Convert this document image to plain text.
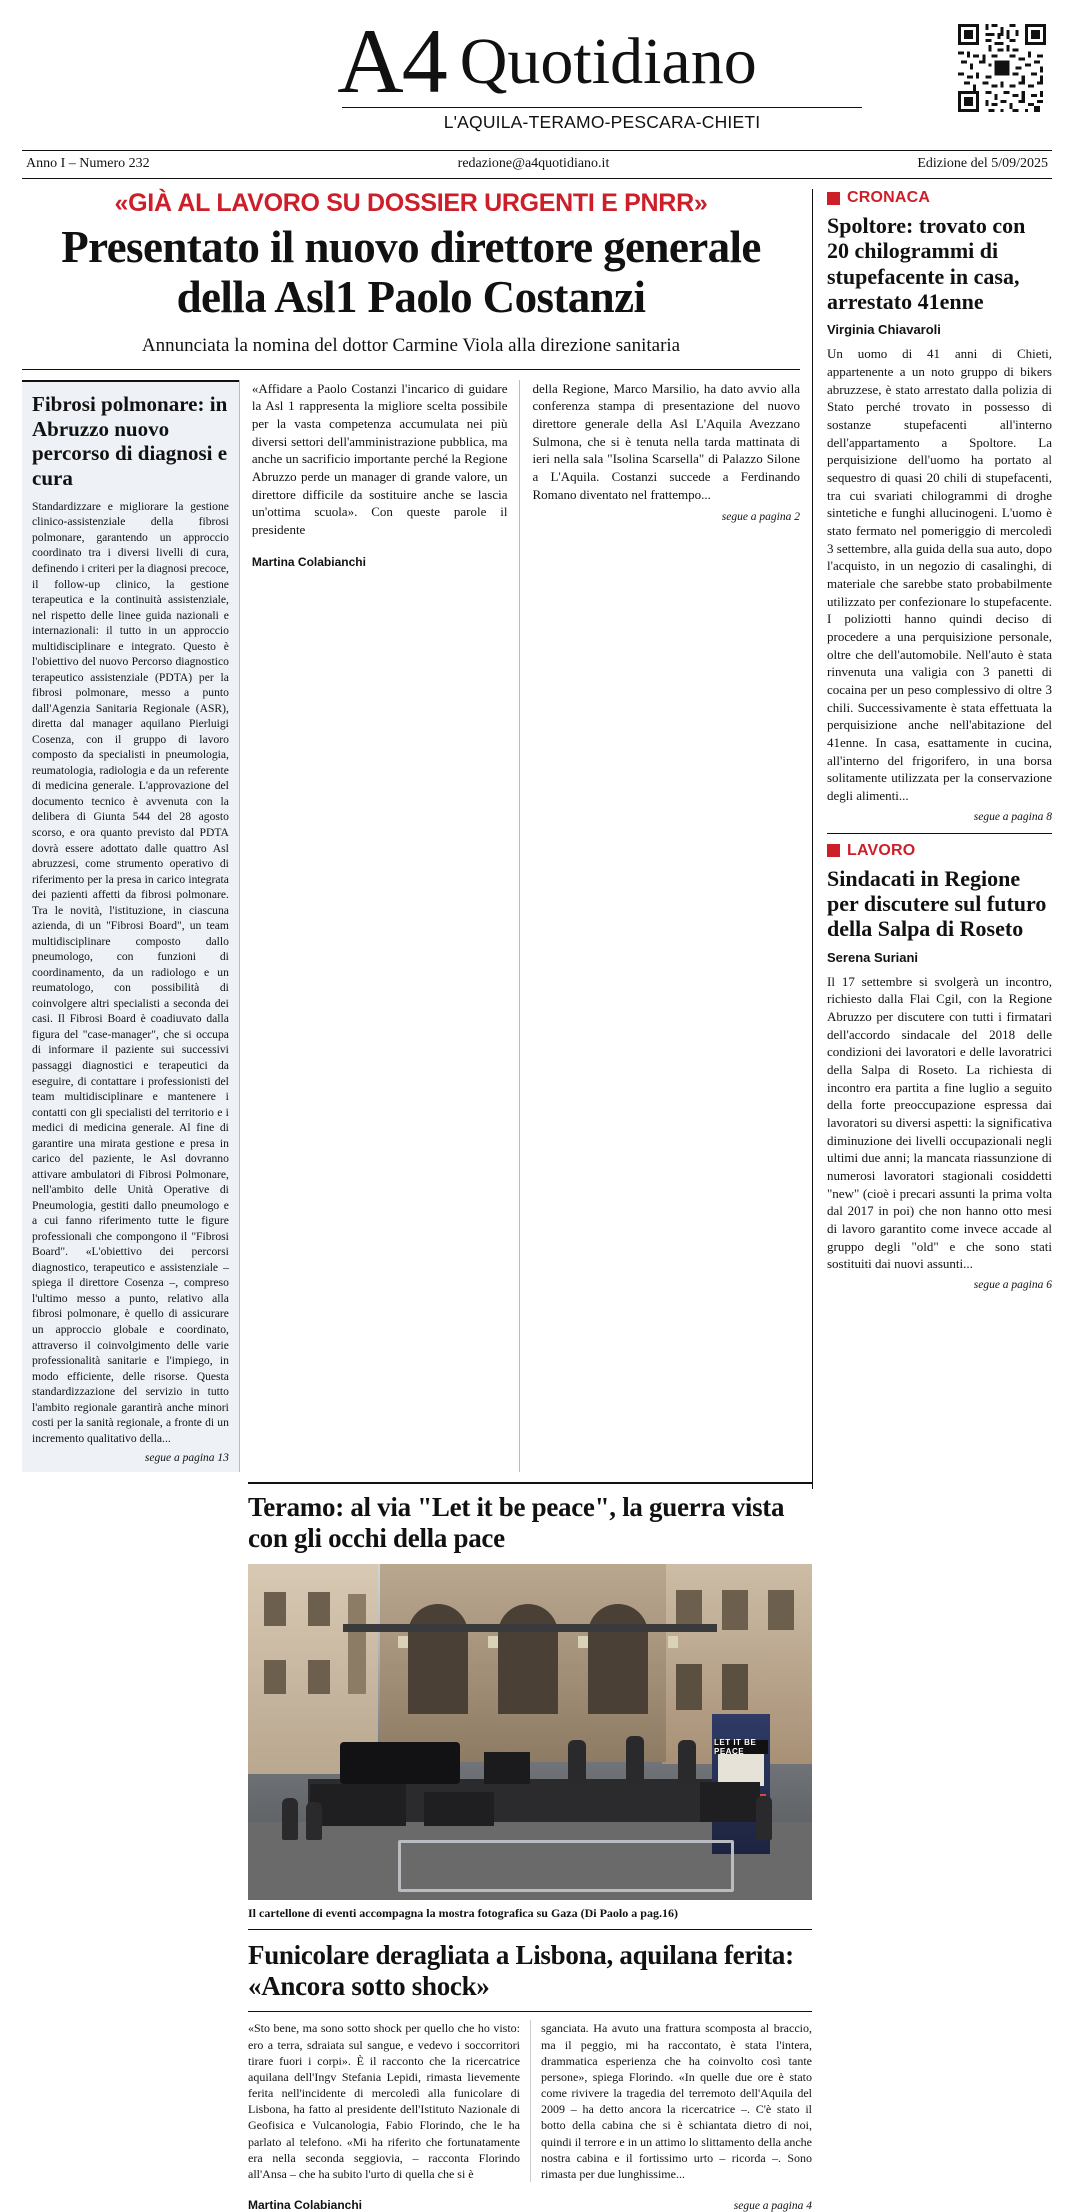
A4 Quotidiano
L'AQUILA-TERAMO-PESCARA-CHIETI
Anno I – Numero 232	redazione@a4quotidiano.it	Edizione del 5/09/2025
«GIÀ AL LAVORO SU DOSSIER URGENTI E PNRR»
Presentato il nuovo direttore generale della Asl1 Paolo Costanzi
Annunciata la nomina del dottor Carmine Viola alla direzione sanitaria
Fibrosi polmonare: in Abruzzo nuovo percorso di diagnosi e cura

Standardizzare e migliorare la gestione clinico-assistenziale della fibrosi polmonare, garantendo un approccio coordinato tra i diversi livelli di cura, definendo i criteri per la diagnosi precoce, il follow-up clinico, la gestione terapeutica e la continuità assistenziale, nel rispetto delle linee guida nazionali e internazionali: il tutto in un approccio multidisciplinare e integrato. Questo è l'obiettivo del nuovo Percorso diagnostico terapeutico assistenziale (PDTA) per la fibrosi polmonare, messo a punto dall'Agenzia Sanitaria Regionale (ASR), diretta dal manager aquilano Pierluigi Cosenza, con il gruppo di lavoro composto da specialisti in pneumologia, reumatologia, radiologia e da un referente di medicina generale. L'approvazione del documento tecnico è avvenuta con la delibera di Giunta 544 del 28 agosto scorso, e ora quanto previsto dal PDTA dovrà essere adottato dalle quattro Asl abruzzesi, come strumento operativo di riferimento per la presa in carico integrata dei pazienti affetti da fibrosi polmonare. Tra le novità, l'istituzione, in ciascuna azienda, di un "Fibrosi Board", un team multidisciplinare composto dallo pneumologo, con funzioni di coordinamento, da un radiologo e un reumatologo, con possibilità di coinvolgere altri specialisti a seconda dei casi. Il Fibrosi Board è coadiuvato dalla figura del "case-manager", che si occupa di informare il paziente sui successivi passaggi diagnostici e terapeutici da eseguire, di contattare i professionisti del team multidisciplinare e mantenere i contatti con gli specialisti del territorio e i medici di medicina generale. Al fine di garantire una mirata gestione e presa in carico del paziente, le Asl dovranno attivare ambulatori di Fibrosi Polmonare, nell'ambito delle Unità Operative di Pneumologia, gestiti dallo pneumologo e a cui fanno riferimento tutte le figure professionali che compongono il "Fibrosi Board". «L'obiettivo dei percorsi diagnostico, terapeutico e assistenziale – spiega il direttore Cosenza –, compreso l'ultimo messo a punto, relativo alla fibrosi polmonare, è quello di assicurare un approccio globale e coordinato, attraverso il coinvolgimento delle varie professionalità sanitarie e l'impiego, in modo efficiente, delle risorse. Questa standardizzazione del servizio in tutto l'ambito regionale garantirà anche minori costi per la sanità regionale, a fronte di un incremento qualitativo della...

segue a pagina 13

«Affidare a Paolo Costanzi l'incarico di guidare la Asl 1 rappresenta la migliore scelta possibile per la vasta competenza accumulata nei più diversi settori dell'amministrazione pubblica, ma anche un sacrificio importante perché la Regione Abruzzo perde un manager di grande valore, un direttore difficile da sostituire anche se lascia un'ottima scuola». Con queste parole il presidente

Martina Colabianchi

della Regione, Marco Marsilio, ha dato avvio alla conferenza stampa di presentazione del nuovo direttore generale della Asl L'Aquila Avezzano Sulmona, che si è tenuta nella tarda mattinata di ieri nella sala "Isolina Scarsella" di Palazzo Silone a L'Aquila. Costanzi succede a Ferdinando Romano diventato nel frattempo...

segue a pagina 2
Teramo: al via "Let it be peace", la guerra vista con gli occhi della pace
LET IT BE PEACE
Il cartellone di eventi accompagna la mostra fotografica su Gaza (Di Paolo a pag.16)
Funicolare deragliata a Lisbona, aquilana ferita: «Ancora sotto shock»

«Sto bene, ma sono sotto shock per quello che ho visto: ero a terra, sdraiata sul sangue, e vedevo i soccorritori tirare fuori i corpi». È il racconto che la ricercatrice aquilana dell'Ingv Stefania Lepidi, rimasta lievemente ferita nell'incidente di mercoledì alla funicolare di Lisbona, ha fatto al presidente dell'Istituto Nazionale di Geofisica e Vulcanologia, Fabio Florindo, che le ha parlato al telefono. «Mi ha riferito che fortunatamente era nella seconda seggiovia, – racconta Florindo all'Ansa – che ha subito l'urto di quella che si è

sganciata. Ha avuto una frattura scomposta al braccio, ma il peggio, mi ha raccontato, è stata l'intera, drammatica esperienza che ha coinvolto così tante persone», spiega Florindo. «In quelle due ore è stato come rivivere la tragedia del terremoto dell'Aquila del 2009 – ha detto ancora la ricercatrice –. C'è stato il botto della cabina che si è schiantata dietro di noi, quindi il terrore e in un attimo lo slittamento della anche nostra cabina e il fortissimo urto – ricorda –. Sono rimasta per due lunghissime...

Martina Colabianchi	segue a pagina 4
CRONACA
Spoltore: trovato con 20 chilogrammi di stupefacente in casa, arrestato 41enne
Virginia Chiavaroli
Un uomo di 41 anni di Chieti, appartenente a un noto gruppo di bikers abruzzese, è stato arrestato dalla polizia di Stato perché trovato in possesso di sostanze stupefacenti all'interno dell'appartamento a Spoltore. La perquisizione dell'uomo ha portato al sequestro di quasi 20 chili di stupefacenti, tra cui svariati chilogrammi di droghe sintetiche e funghi allucinogeni. L'uomo è stato fermato nel pomeriggio di mercoledì 3 settembre, alla guida della sua auto, dopo l'acquisto, in un negozio di casalinghi, di materiale che sarebbe stato probabilmente utilizzato per confezionare lo stupefacente. I poliziotti hanno quindi deciso di procedere a una perquisizione personale, oltre che dell'automobile. Nell'auto è stata rinvenuta una valigia con 3 panetti di cocaina per un peso complessivo di oltre 3 chili. Successivamente è stata effettuata la perquisizione anche nell'abitazione del 41enne. In casa, esattamente in cucina, all'interno del frigorifero, in una borsa solitamente utilizzata per la conservazione degli alimenti...
segue a pagina 8
LAVORO
Sindacati in Regione per discutere sul futuro della Salpa di Roseto
Serena Suriani
Il 17 settembre si svolgerà un incontro, richiesto dalla Flai Cgil, con la Regione Abruzzo per discutere con tutti i firmatari dell'accordo sindacale del 2018 delle condizioni dei lavoratori e delle lavoratrici della Salpa di Roseto. La richiesta di incontro era partita a fine luglio a seguito della forte preoccupazione espressa dai lavoratori su diversi aspetti: la significativa diminuzione dei livelli occupazionali negli ultimi due anni; la mancata riassunzione di numerosi lavoratori stagionali cosiddetti "new" (cioè i precari assunti la prima volta dal 2017 in poi) che non hanno otto mesi di lavoro garantito come invece accade al gruppo degli "old" e che sono stati sostituiti dai nuovi assunti...
segue a pagina 6
